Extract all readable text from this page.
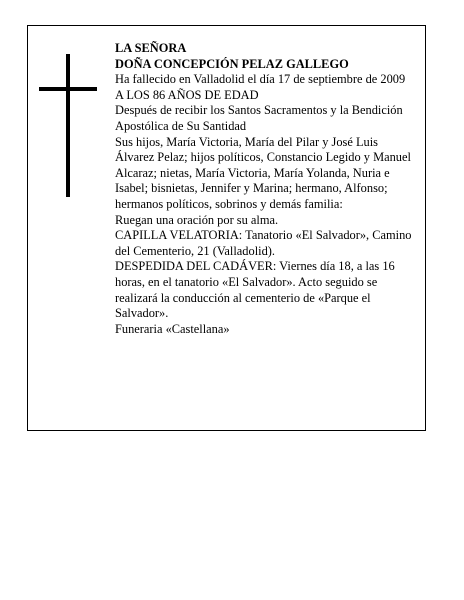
LA SEÑORA

DOÑA CONCEPCIÓN PELAZ GALLEGO

Ha fallecido en Valladolid el día 17 de septiembre de 2009

A LOS 86 AÑOS DE EDAD

Después de recibir los Santos Sacramentos y la Bendición Apostólica de Su Santidad

Sus hijos, María Victoria, María del Pilar y José Luis Álvarez Pelaz; hijos políticos, Constancio Legido y Manuel Alcaraz; nietas, María Victoria, María Yolanda, Nuria e Isabel; bisnietas, Jennifer y Marina; hermano, Alfonso; hermanos políticos, sobrinos y demás familia:

Ruegan una oración por su alma.

CAPILLA VELATORIA: Tanatorio «El Salvador», Camino del Cementerio, 21 (Valladolid).

DESPEDIDA DEL CADÁVER: Viernes día 18, a las 16 horas, en el tanatorio «El Salvador». Acto seguido se realizará la conducción al cementerio de «Parque el Salvador».

Funeraria «Castellana»
